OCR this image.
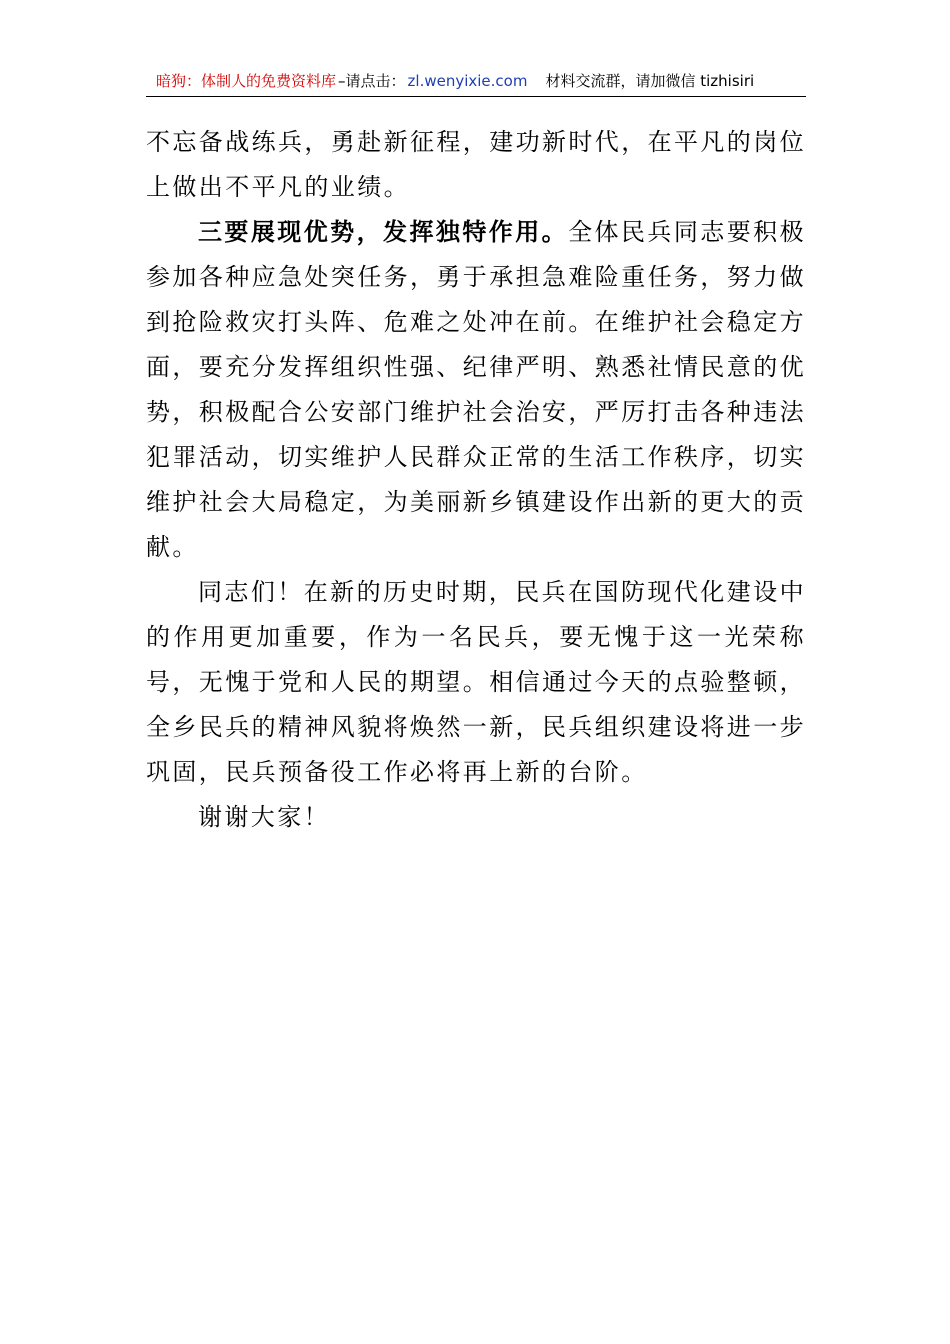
暗狗：体制人的免费资料库 –请点击： zl.wenyixie.com 材料交流群，请加微信 tizhisiri

不忘备战练兵，勇赴新征程，建功新时代，在平凡的岗位上做出不平凡的业绩。

三要展现优势，发挥独特作用。全体民兵同志要积极参加各种应急处突任务，勇于承担急难险重任务，努力做到抢险救灾打头阵、危难之处冲在前。在维护社会稳定方面，要充分发挥组织性强、纪律严明、熟悉社情民意的优势，积极配合公安部门维护社会治安，严厉打击各种违法犯罪活动，切实维护人民群众正常的生活工作秩序，切实维护社会大局稳定，为美丽新乡镇建设作出新的更大的贡献。

同志们！在新的历史时期，民兵在国防现代化建设中的作用更加重要，作为一名民兵，要无愧于这一光荣称号，无愧于党和人民的期望。相信通过今天的点验整顿，全乡民兵的精神风貌将焕然一新，民兵组织建设将进一步巩固，民兵预备役工作必将再上新的台阶。

谢谢大家！
